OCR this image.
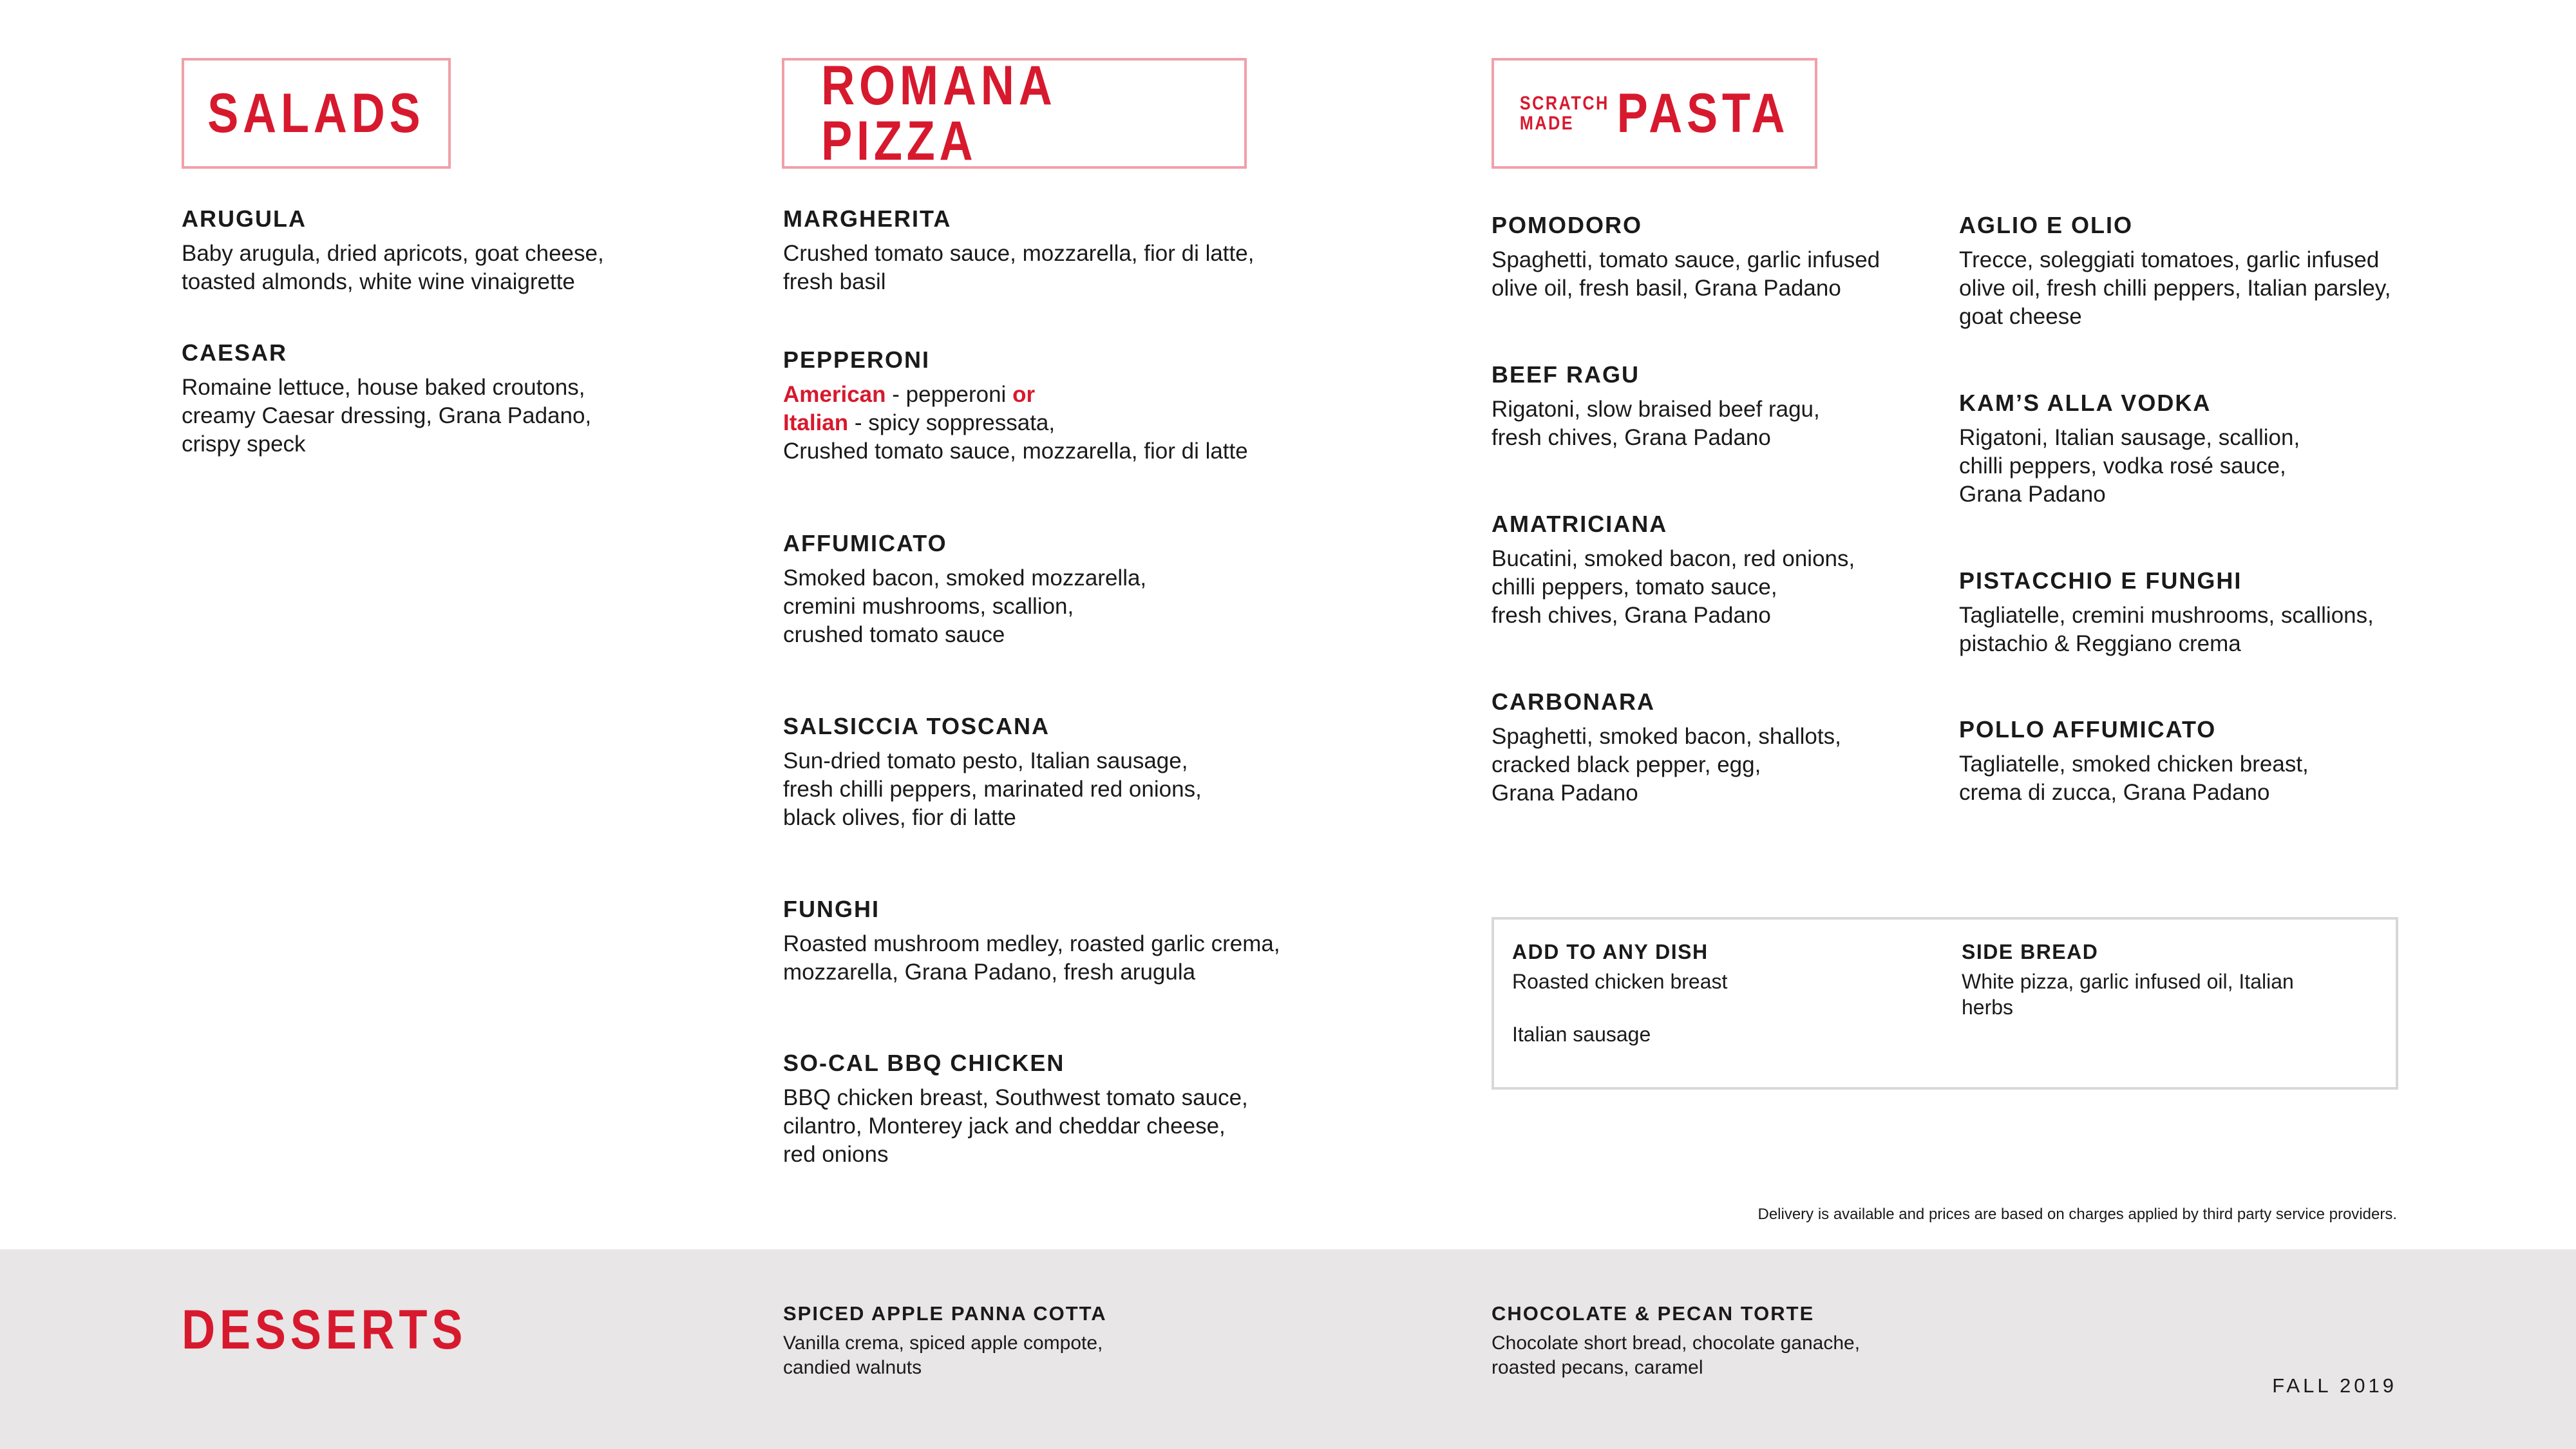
SALADS
ARUGULA
Baby arugula, dried apricots, goat cheese,
toasted almonds, white wine vinaigrette
CAESAR
Romaine lettuce, house baked croutons,
creamy Caesar dressing, Grana Padano,
crispy speck
ROMANA PIZZA
MARGHERITA
Crushed tomato sauce, mozzarella, fior di latte,
fresh basil
PEPPERONI
American - pepperoni or
Italian - spicy soppressata,
Crushed tomato sauce, mozzarella, fior di latte
AFFUMICATO
Smoked bacon, smoked mozzarella,
cremini mushrooms, scallion,
crushed tomato sauce
SALSICCIA TOSCANA
Sun-dried tomato pesto, Italian sausage,
fresh chilli peppers, marinated red onions,
black olives, fior di latte
FUNGHI
Roasted mushroom medley, roasted garlic crema,
mozzarella, Grana Padano, fresh arugula
SO-CAL BBQ CHICKEN
BBQ chicken breast, Southwest tomato sauce,
cilantro, Monterey jack and cheddar cheese,
red onions
SCRATCH
MADE PASTA
POMODORO
Spaghetti, tomato sauce, garlic infused
olive oil, fresh basil, Grana Padano
BEEF RAGU
Rigatoni, slow braised beef ragu,
fresh chives, Grana Padano
AMATRICIANA
Bucatini, smoked bacon, red onions,
chilli peppers, tomato sauce,
fresh chives, Grana Padano
CARBONARA
Spaghetti, smoked bacon, shallots,
cracked black pepper, egg,
Grana Padano
AGLIO E OLIO
Trecce, soleggiati tomatoes, garlic infused
olive oil, fresh chilli peppers, Italian parsley,
goat cheese
KAM’S ALLA VODKA
Rigatoni, Italian sausage, scallion,
chilli peppers, vodka rosé sauce,
Grana Padano
PISTACCHIO E FUNGHI
Tagliatelle, cremini mushrooms, scallions,
pistachio & Reggiano crema
POLLO AFFUMICATO
Tagliatelle, smoked chicken breast,
crema di zucca, Grana Padano
ADD TO ANY DISH
Roasted chicken breast
Italian sausage
SIDE BREAD
White pizza, garlic infused oil, Italian
herbs
Delivery is available and prices are based on charges applied by third party service providers.
DESSERTS	SPICED APPLE PANNA COTTA
Vanilla crema, spiced apple compote,
candied walnuts
CHOCOLATE & PECAN TORTE
Chocolate short bread, chocolate ganache,
roasted pecans, caramel
FALL 2019
